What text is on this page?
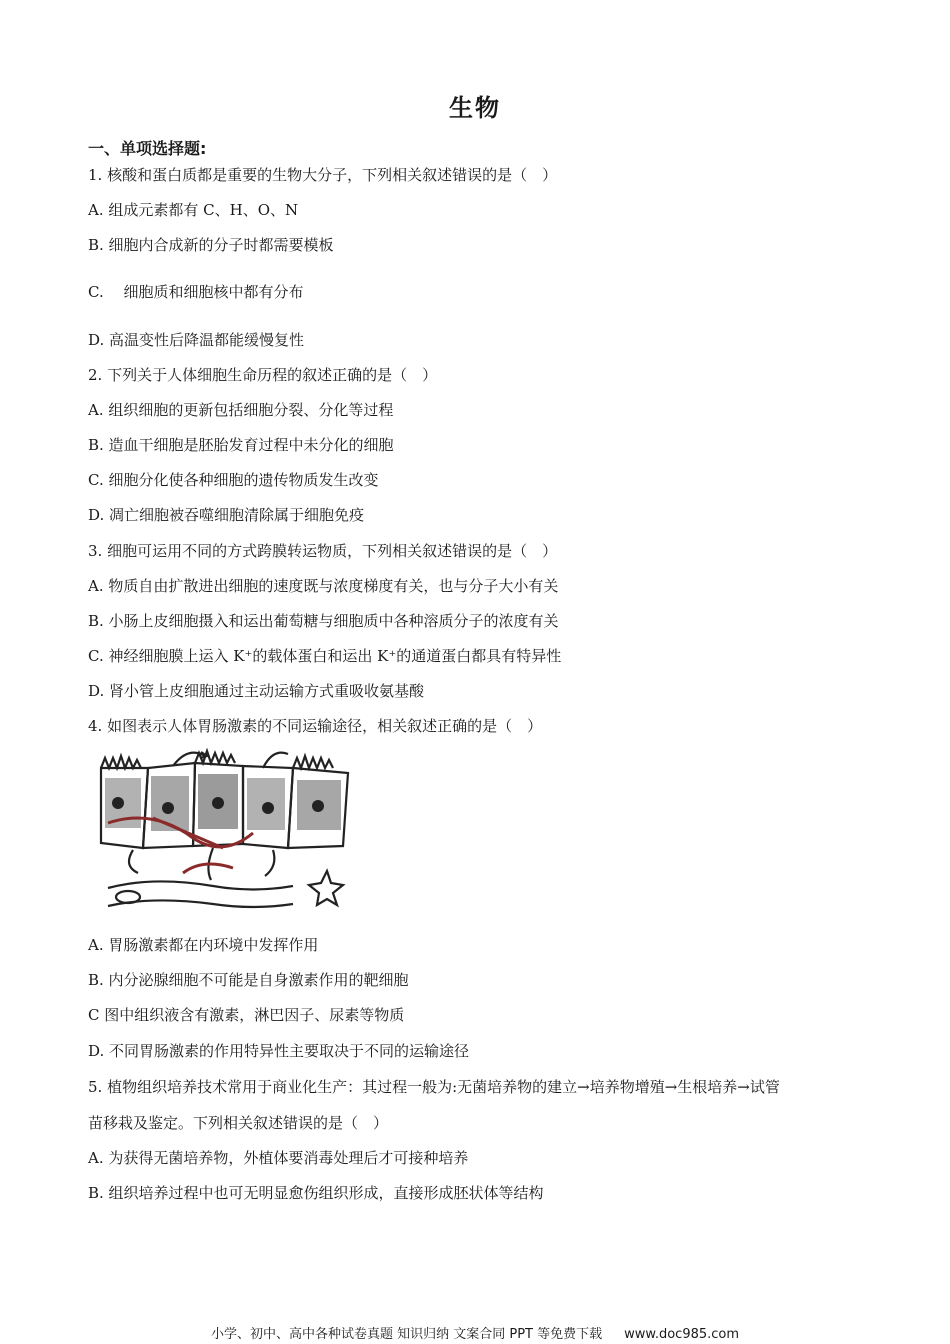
生物
一、单项选择题:
1. 核酸和蛋白质都是重要的生物大分子，下列相关叙述错误的是（　）
A. 组成元素都有 C、H、O、N
B. 细胞内合成新的分子时都需要模板
C.　 细胞质和细胞核中都有分布
D. 高温变性后降温都能缓慢复性
2. 下列关于人体细胞生命历程的叙述正确的是（　）
A. 组织细胞的更新包括细胞分裂、分化等过程
B. 造血干细胞是胚胎发育过程中未分化的细胞
C. 细胞分化使各种细胞的遗传物质发生改变
D. 凋亡细胞被吞噬细胞清除属于细胞免疫
3. 细胞可运用不同的方式跨膜转运物质，下列相关叙述错误的是（　）
A. 物质自由扩散进出细胞的速度既与浓度梯度有关，也与分子大小有关
B. 小肠上皮细胞摄入和运出葡萄糖与细胞质中各种溶质分子的浓度有关
C. 神经细胞膜上运入 K⁺的载体蛋白和运出 K⁺的通道蛋白都具有特异性
D. 肾小管上皮细胞通过主动运输方式重吸收氨基酸
4. 如图表示人体胃肠激素的不同运输途径，相关叙述正确的是（　）
A. 胃肠激素都在内环境中发挥作用
B. 内分泌腺细胞不可能是自身激素作用的靶细胞
C 图中组织液含有激素，淋巴因子、尿素等物质
D. 不同胃肠激素的作用特异性主要取决于不同的运输途径
5. 植物组织培养技术常用于商业化生产：其过程一般为:无菌培养物的建立→培养物增殖→生根培养→试管
苗移栽及鉴定。下列相关叙述错误的是（　）
A. 为获得无菌培养物，外植体要消毒处理后才可接种培养
B. 组织培养过程中也可无明显愈伤组织形成，直接形成胚状体等结构
小学、初中、高中各种试卷真题 知识归纳 文案合同 PPT 等免费下载 www.doc985.com
